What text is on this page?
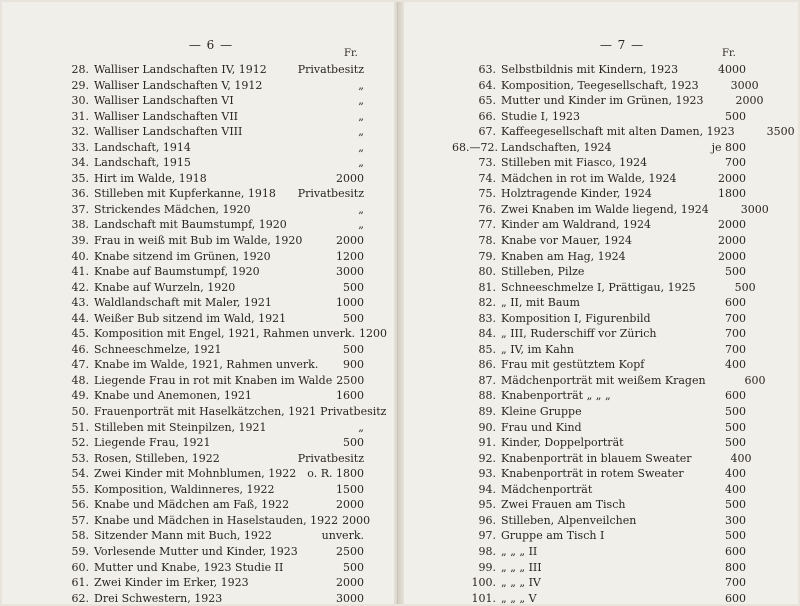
— 6 —
Fr.
28. Walliser Landschaften IV, 1912	Privatbesitz
29. Walliser Landschaften V, 1912	„
30. Walliser Landschaften VI	„
31. Walliser Landschaften VII	„
32. Walliser Landschaften VIII	„
33. Landschaft, 1914	„
34. Landschaft, 1915	„
35. Hirt im Walde, 1918	2000
36. Stilleben mit Kupferkanne, 1918	Privatbesitz
37. Strickendes Mädchen, 1920	„
38. Landschaft mit Baumstumpf, 1920	„
39. Frau in weiß mit Bub im Walde, 1920	2000
40. Knabe sitzend im Grünen, 1920	1200
41. Knabe auf Baumstumpf, 1920	3000
42. Knabe auf Wurzeln, 1920	500
43. Waldlandschaft mit Maler, 1921	1000
44. Weißer Bub sitzend im Wald, 1921	500
45. Komposition mit Engel, 1921, Rahmen unverk. 1200
46. Schneeschmelze, 1921	500
47. Knabe im Walde, 1921, Rahmen unverk.	900
48. Liegende Frau in rot mit Knaben im Walde 2500
49. Knabe und Anemonen, 1921	1600
50. Frauenporträt mit Haselkätzchen, 1921 Privatbesitz
51. Stilleben mit Steinpilzen, 1921	„
52. Liegende Frau, 1921	500
53. Rosen, Stilleben, 1922	Privatbesitz
54. Zwei Kinder mit Mohnblumen, 1922	o. R. 1800
55. Komposition, Waldinneres, 1922	1500
56. Knabe und Mädchen am Faß, 1922	2000
57. Knabe und Mädchen in Haselstauden, 1922 2000
58. Sitzender Mann mit Buch, 1922	unverk.
59. Vorlesende Mutter und Kinder, 1923	2500
60. Mutter und Knabe, 1923 Studie II	500
61. Zwei Kinder im Erker, 1923	2000
62. Drei Schwestern, 1923	3000
— 7 —
Fr.
63. Selbstbildnis mit Kindern, 1923	4000
64. Komposition, Teegesellschaft, 1923	3000
65. Mutter und Kinder im Grünen, 1923	2000
66. Studie I, 1923	500
67. Kaffeegesellschaft mit alten Damen, 1923	3500
68.—72. Landschaften, 1924	je 800
73. Stilleben mit Fiasco, 1924	700
74. Mädchen in rot im Walde, 1924	2000
75. Holztragende Kinder, 1924	1800
76. Zwei Knaben im Walde liegend, 1924	3000
77. Kinder am Waldrand, 1924	2000
78. Knabe vor Mauer, 1924	2000
79. Knaben am Hag, 1924	2000
80. Stilleben, Pilze	500
81. Schneeschmelze I, Prättigau, 1925	500
82. „ II, mit Baum	600
83. Komposition I, Figurenbild	700
84. „ III, Ruderschiff vor Zürich	700
85. „ IV, im Kahn	700
86. Frau mit gestütztem Kopf	400
87. Mädchenporträt mit weißem Kragen	600
88. Knabenporträt „ „ „	600
89. Kleine Gruppe	500
90. Frau und Kind	500
91. Kinder, Doppelporträt	500
92. Knabenporträt in blauem Sweater	400
93. Knabenporträt in rotem Sweater	400
94. Mädchenporträt	400
95. Zwei Frauen am Tisch	500
96. Stilleben, Alpenveilchen	300
97. Gruppe am Tisch I	500
98. „ „ „ II	600
99. „ „ „ III	800
100. „ „ „ IV	700
101. „ „ „ V	600
